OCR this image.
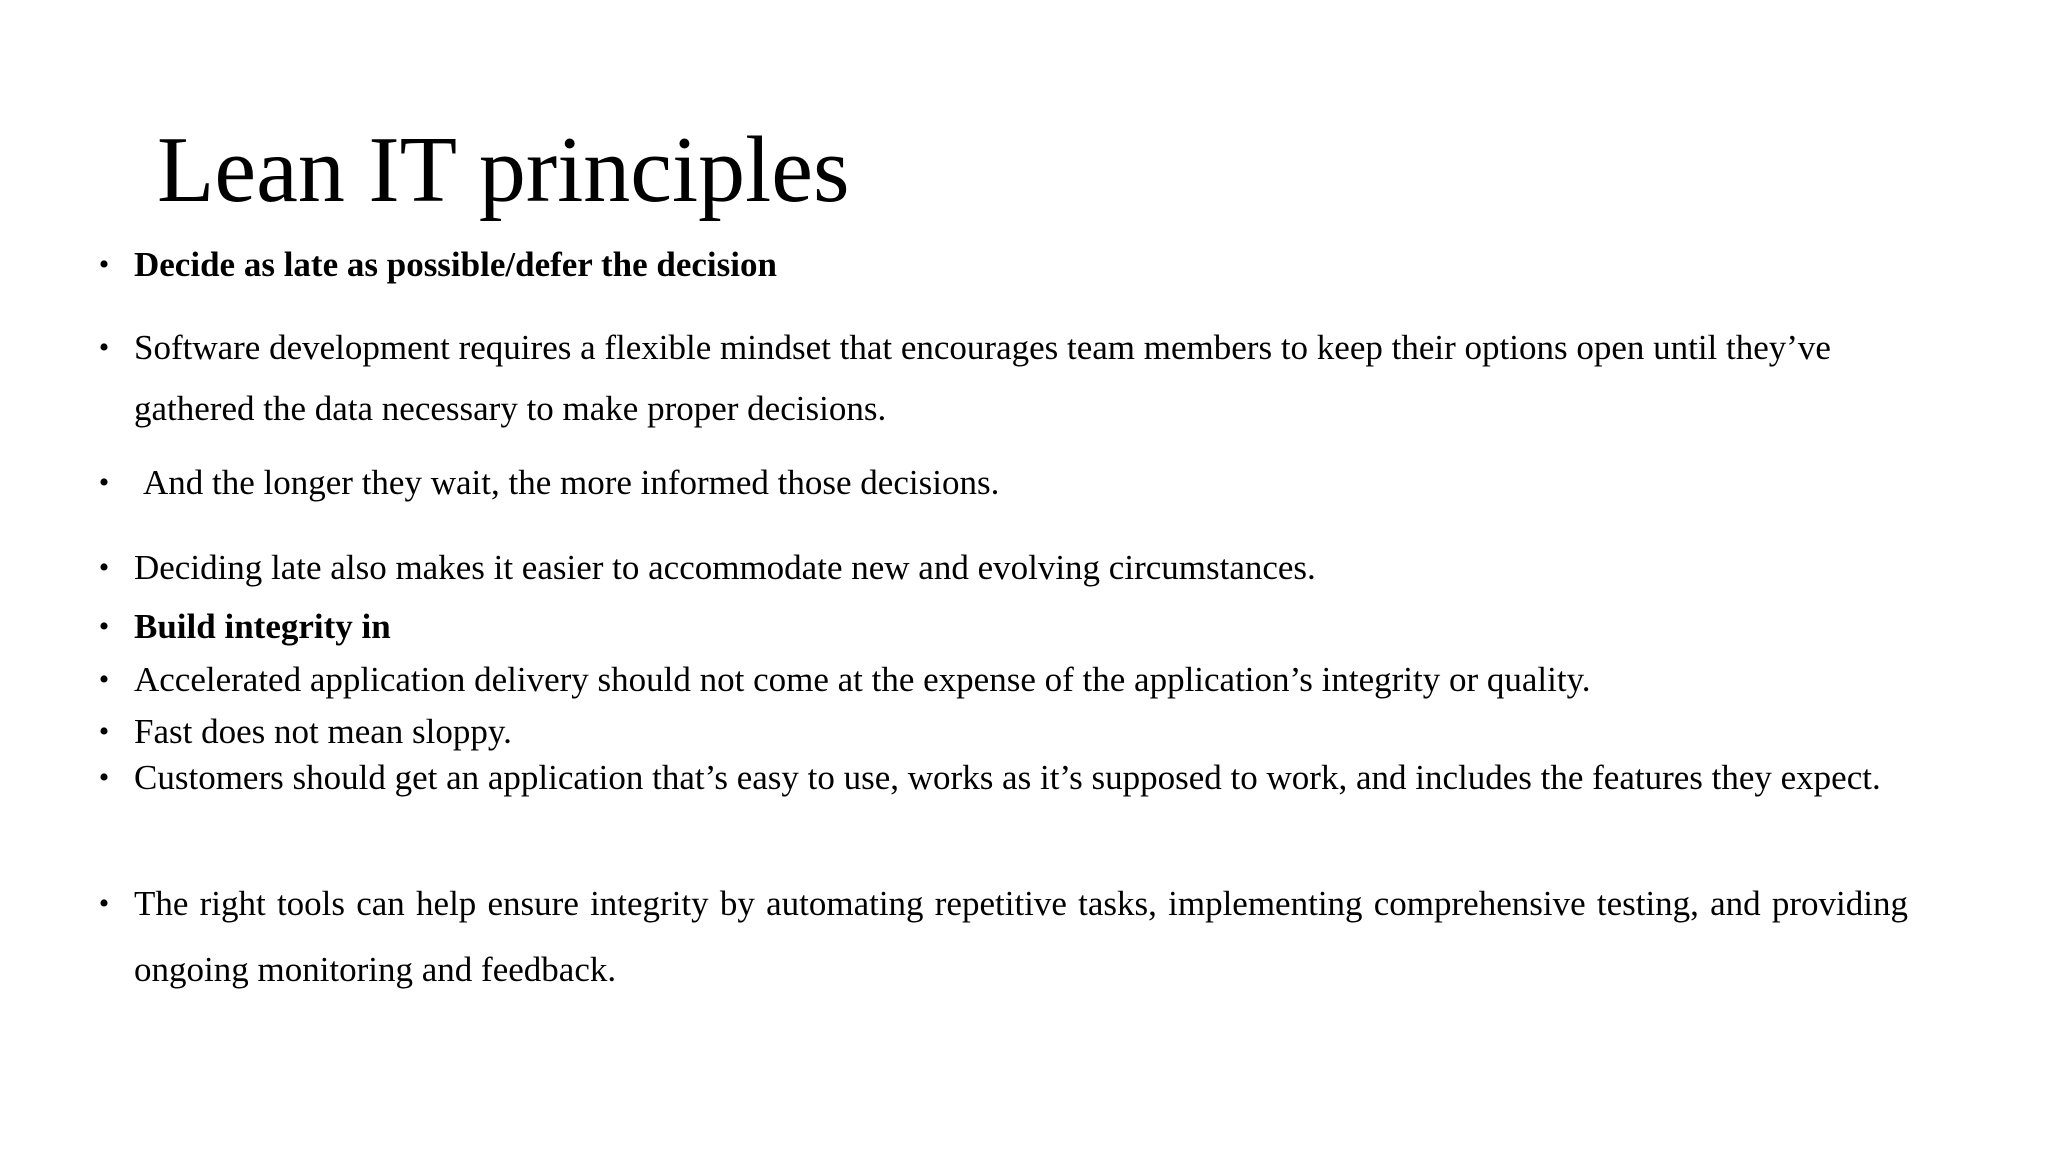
Lean IT principles
• Decide as late as possible/defer the decision
• Software development requires a flexible mindset that encourages team members to keep their options open until they’ve gathered the data necessary to make proper decisions.
• And the longer they wait, the more informed those decisions.
• Deciding late also makes it easier to accommodate new and evolving circumstances.
• Build integrity in
• Accelerated application delivery should not come at the expense of the application’s integrity or quality.
• Fast does not mean sloppy.
• Customers should get an application that’s easy to use, works as it’s supposed to work, and includes the features they expect.
• The right tools can help ensure integrity by automating repetitive tasks, implementing comprehensive testing, and providing ongoing monitoring and feedback.
